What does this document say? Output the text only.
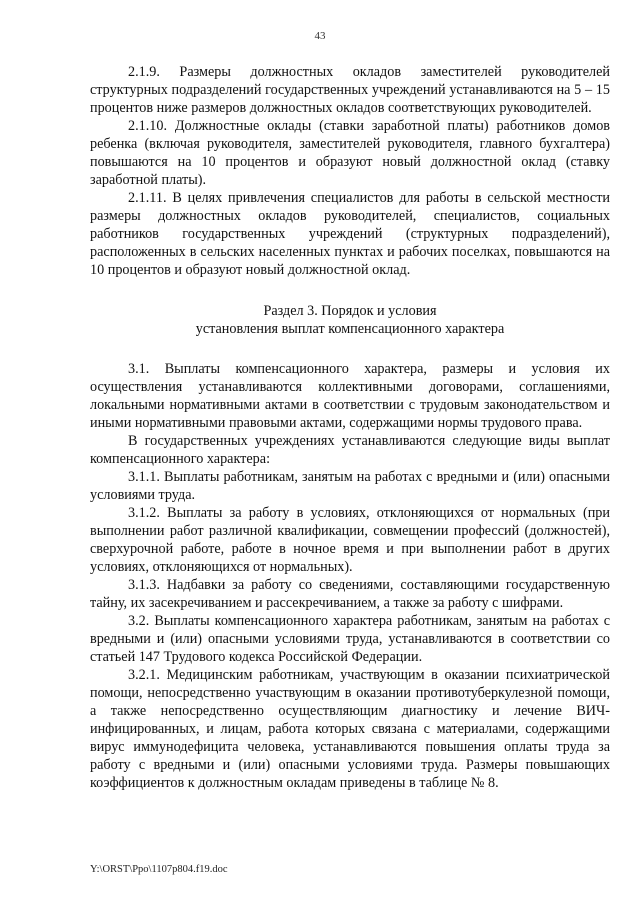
43

2.1.9. Размеры должностных окладов заместителей руководителей структурных подразделений государственных учреждений устанавливаются на 5 – 15 процентов ниже размеров должностных окладов соответствующих руководителей.

2.1.10. Должностные оклады (ставки заработной платы) работников домов ребенка (включая руководителя, заместителей руководителя, главного бухгалтера) повышаются на 10 процентов и образуют новый должностной оклад (ставку заработной платы).

2.1.11. В целях привлечения специалистов для работы в сельской местности размеры должностных окладов руководителей, специалистов, социальных работников государственных учреждений (структурных подразделений), расположенных в сельских населенных пунктах и рабочих поселках, повышаются на 10 процентов и образуют новый должностной оклад.

Раздел 3. Порядок и условия
установления выплат компенсационного характера

3.1. Выплаты компенсационного характера, размеры и условия их осуществления устанавливаются коллективными договорами, соглашениями, локальными нормативными актами в соответствии с трудовым законодательством и иными нормативными правовыми актами, содержащими нормы трудового права.

В государственных учреждениях устанавливаются следующие виды выплат компенсационного характера:

3.1.1. Выплаты работникам, занятым на работах с вредными и (или) опасными условиями труда.

3.1.2. Выплаты за работу в условиях, отклоняющихся от нормальных (при выполнении работ различной квалификации, совмещении профессий (должностей), сверхурочной работе, работе в ночное время и при выполнении работ в других условиях, отклоняющихся от нормальных).

3.1.3. Надбавки за работу со сведениями, составляющими государственную тайну, их засекречиванием и рассекречиванием, а также за работу с шифрами.

3.2. Выплаты компенсационного характера работникам, занятым на работах с вредными и (или) опасными условиями труда, устанавливаются в соответствии со статьей 147 Трудового кодекса Российской Федерации.

3.2.1. Медицинским работникам, участвующим в оказании психиатрической помощи, непосредственно участвующим в оказании противотуберкулезной помощи, а также непосредственно осуществляющим диагностику и лечение ВИЧ-инфицированных, и лицам, работа которых связана с материалами, содержащими вирус иммунодефицита человека, устанавливаются повышения оплаты труда за работу с вредными и (или) опасными условиями труда. Размеры повышающих коэффициентов к должностным окладам приведены в таблице № 8.

Y:\ORST\Ppo\1107p804.f19.doc
